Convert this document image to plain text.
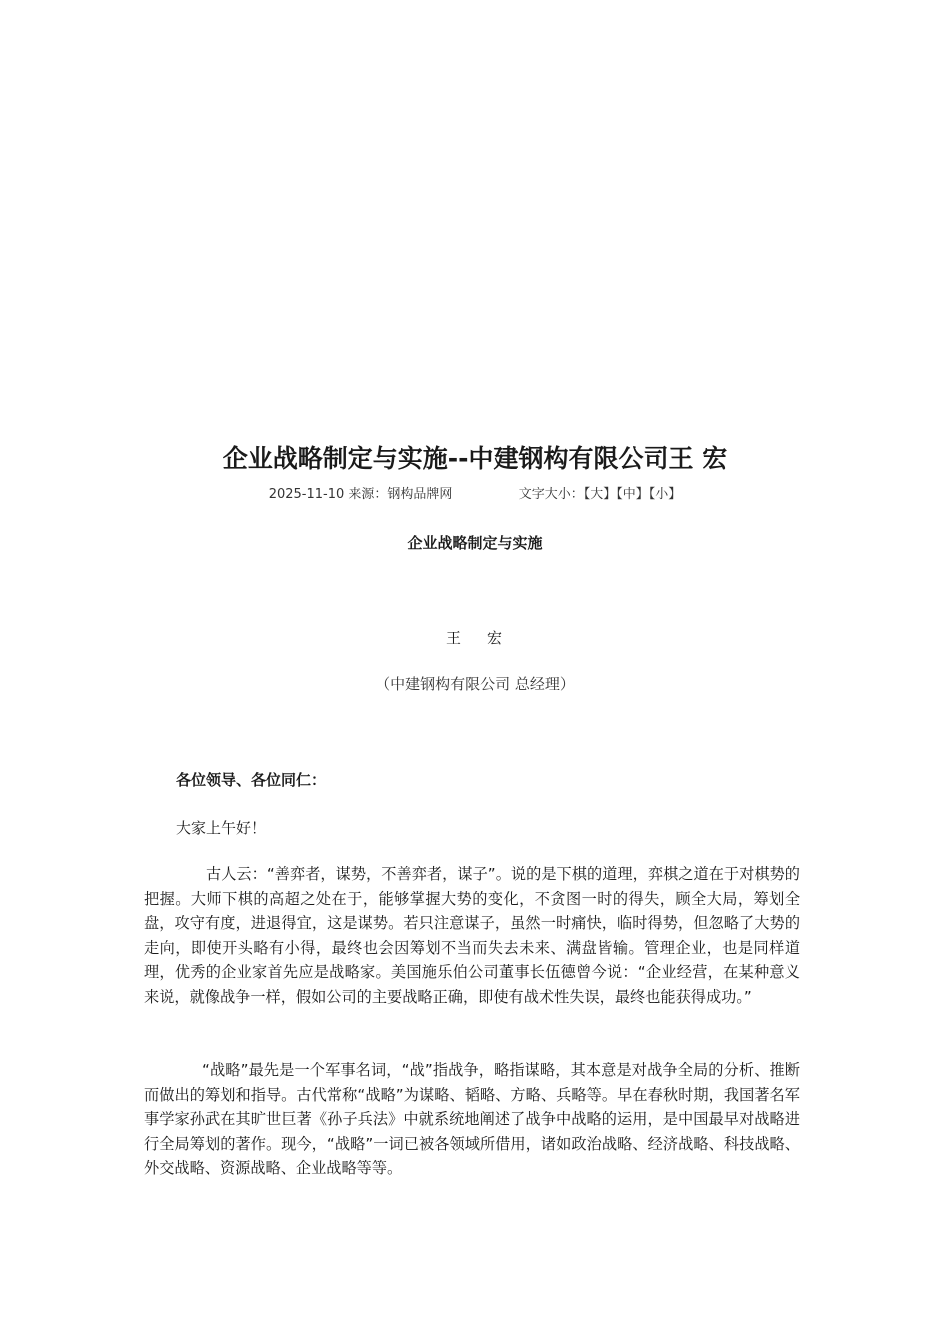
企业战略制定与实施--中建钢构有限公司王 宏
2025-11-10 来源：钢构品牌网	文字大小：【大】【中】【小】
企业战略制定与实施
王 宏
（中建钢构有限公司 总经理）
各位领导、各位同仁：
大家上午好！
古人云：“善弈者，谋势，不善弈者，谋子”。说的是下棋的道理，弈棋之道在于对棋势的把握。大师下棋的高超之处在于，能够掌握大势的变化，不贪图一时的得失，顾全大局，筹划全盘，攻守有度，进退得宜，这是谋势。若只注意谋子，虽然一时痛快，临时得势，但忽略了大势的走向，即使开头略有小得，最终也会因筹划不当而失去未来、满盘皆输。管理企业，也是同样道理，优秀的企业家首先应是战略家。美国施乐伯公司董事长伍德曾今说：“企业经营，在某种意义来说，就像战争一样，假如公司的主要战略正确，即使有战术性失误，最终也能获得成功。”
“战略”最先是一个军事名词，“战”指战争，略指谋略，其本意是对战争全局的分析、推断而做出的筹划和指导。古代常称“战略”为谋略、韬略、方略、兵略等。早在春秋时期，我国著名军事学家孙武在其旷世巨著《孙子兵法》中就系统地阐述了战争中战略的运用，是中国最早对战略进行全局筹划的著作。现今，“战略”一词已被各领域所借用，诸如政治战略、经济战略、科技战略、外交战略、资源战略、企业战略等等。
